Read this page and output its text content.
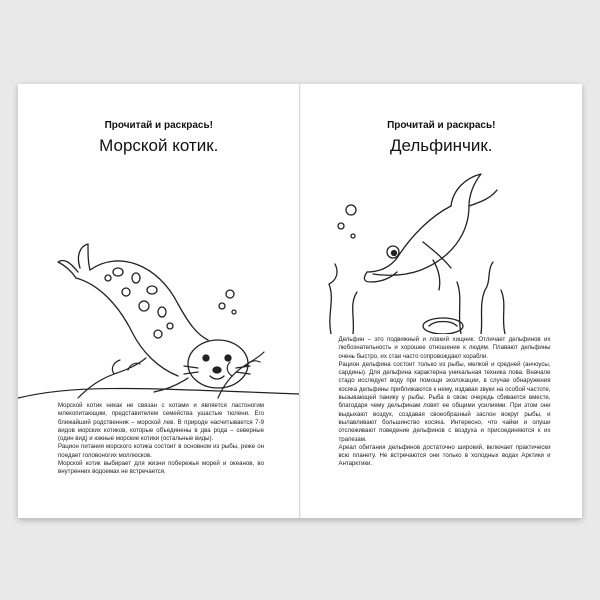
Прочитай и раскрась!
Морской котик.

Морской котик никак не связан с котами и является ластоногим млекопитающим, представителем семейства ушастые тюлени. Его ближайший родственник – морской лев. В природе насчитывается 7-9 видов морских котиков, которые объединены в два рода – северные (один вид) и южные морские котики (остальные виды).

Рацион питания морского котика состоит в основном из рыбы, реже он поедает головоногих моллюсков.

Морской котик выбирает для жизни побережья морей и океанов, во внутренних водоемах не встречается.

Прочитай и раскрась!
Дельфинчик.

Дельфин – это подвижный и ловкий хищник. Отличает дельфинов их любознательность и хорошее отношение к людям. Плавают дельфины очень быстро, их стаи часто сопровождают корабли.

Рацион дельфина состоит только из рыбы, мелкой и средней (анчоусы, сардины). Для дельфина характерна уникальная техника лова. Вначале стадо исследует воду при помощи эхолокации, в случае обнаружения косяка дельфины приближаются к нему, издавая звуки на особой частоте, вызывающей панику у рыбы. Рыба в свою очередь сбивается вместе, благодаря чему дельфинам ловят ее общими усилиями. При этом они выдыхают воздух, создавая своеобразный заслон вокруг рыбы, и вылавливают большинство косяка. Интересно, что чайки и олуши отслеживают поведение дельфинов с воздуха и присоединяются к их трапезам.

Ареал обитания дельфинов достаточно широкий, включает практически всю планету. Не встречаются они только в холодных водах Арктики и Антарктики.
